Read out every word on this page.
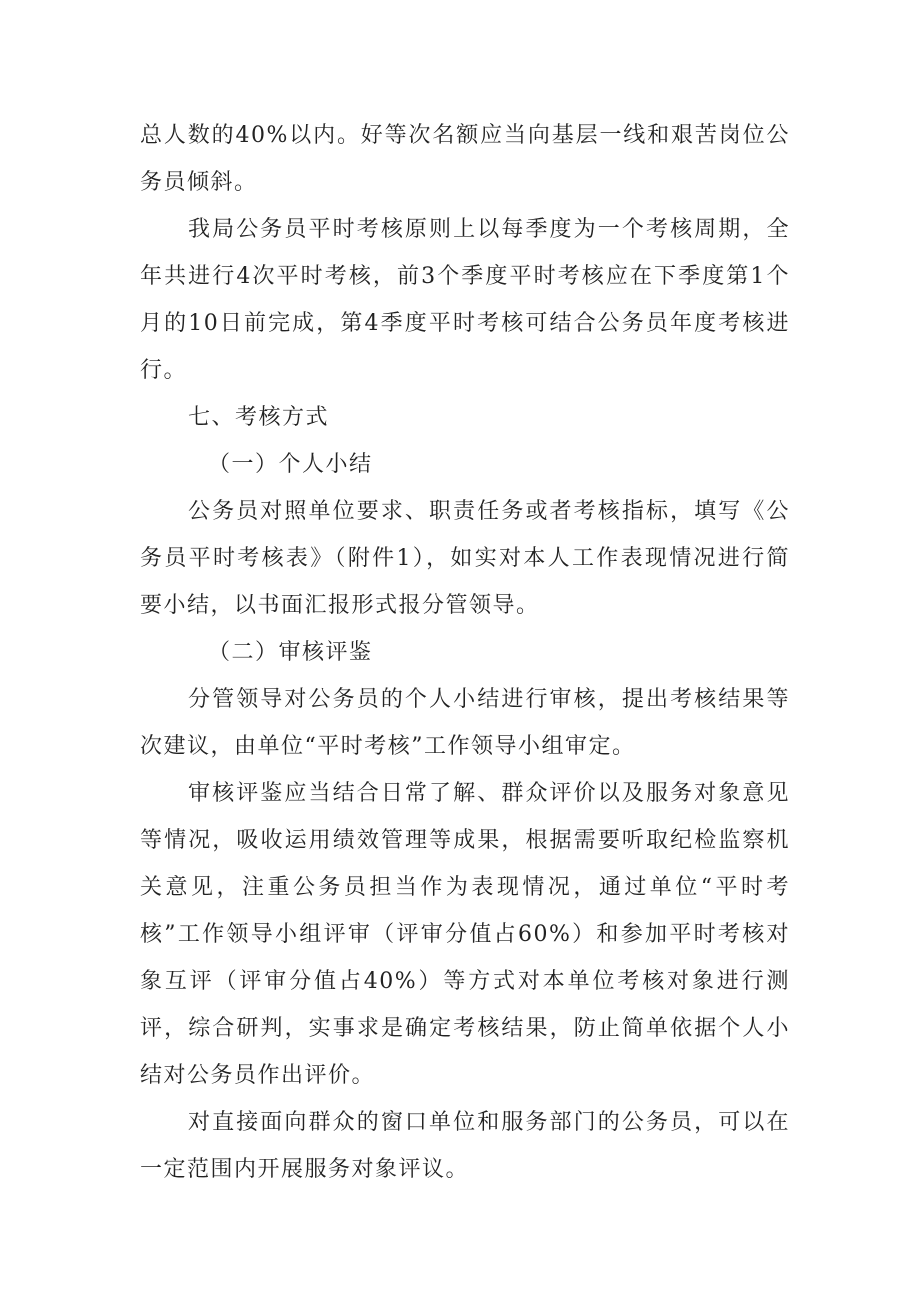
总人数的40%以内。好等次名额应当向基层一线和艰苦岗位公务员倾斜。

我局公务员平时考核原则上以每季度为一个考核周期，全年共进行4次平时考核，前3个季度平时考核应在下季度第1个月的10日前完成，第4季度平时考核可结合公务员年度考核进行。

七、考核方式

（一）个人小结

公务员对照单位要求、职责任务或者考核指标，填写《公务员平时考核表》（附件1），如实对本人工作表现情况进行简要小结，以书面汇报形式报分管领导。

（二）审核评鉴

分管领导对公务员的个人小结进行审核，提出考核结果等次建议，由单位“平时考核”工作领导小组审定。

审核评鉴应当结合日常了解、群众评价以及服务对象意见等情况，吸收运用绩效管理等成果，根据需要听取纪检监察机关意见，注重公务员担当作为表现情况，通过单位“平时考核”工作领导小组评审（评审分值占60%）和参加平时考核对象互评（评审分值占40%）等方式对本单位考核对象进行测评，综合研判，实事求是确定考核结果，防止简单依据个人小结对公务员作出评价。

对直接面向群众的窗口单位和服务部门的公务员，可以在一定范围内开展服务对象评议。
